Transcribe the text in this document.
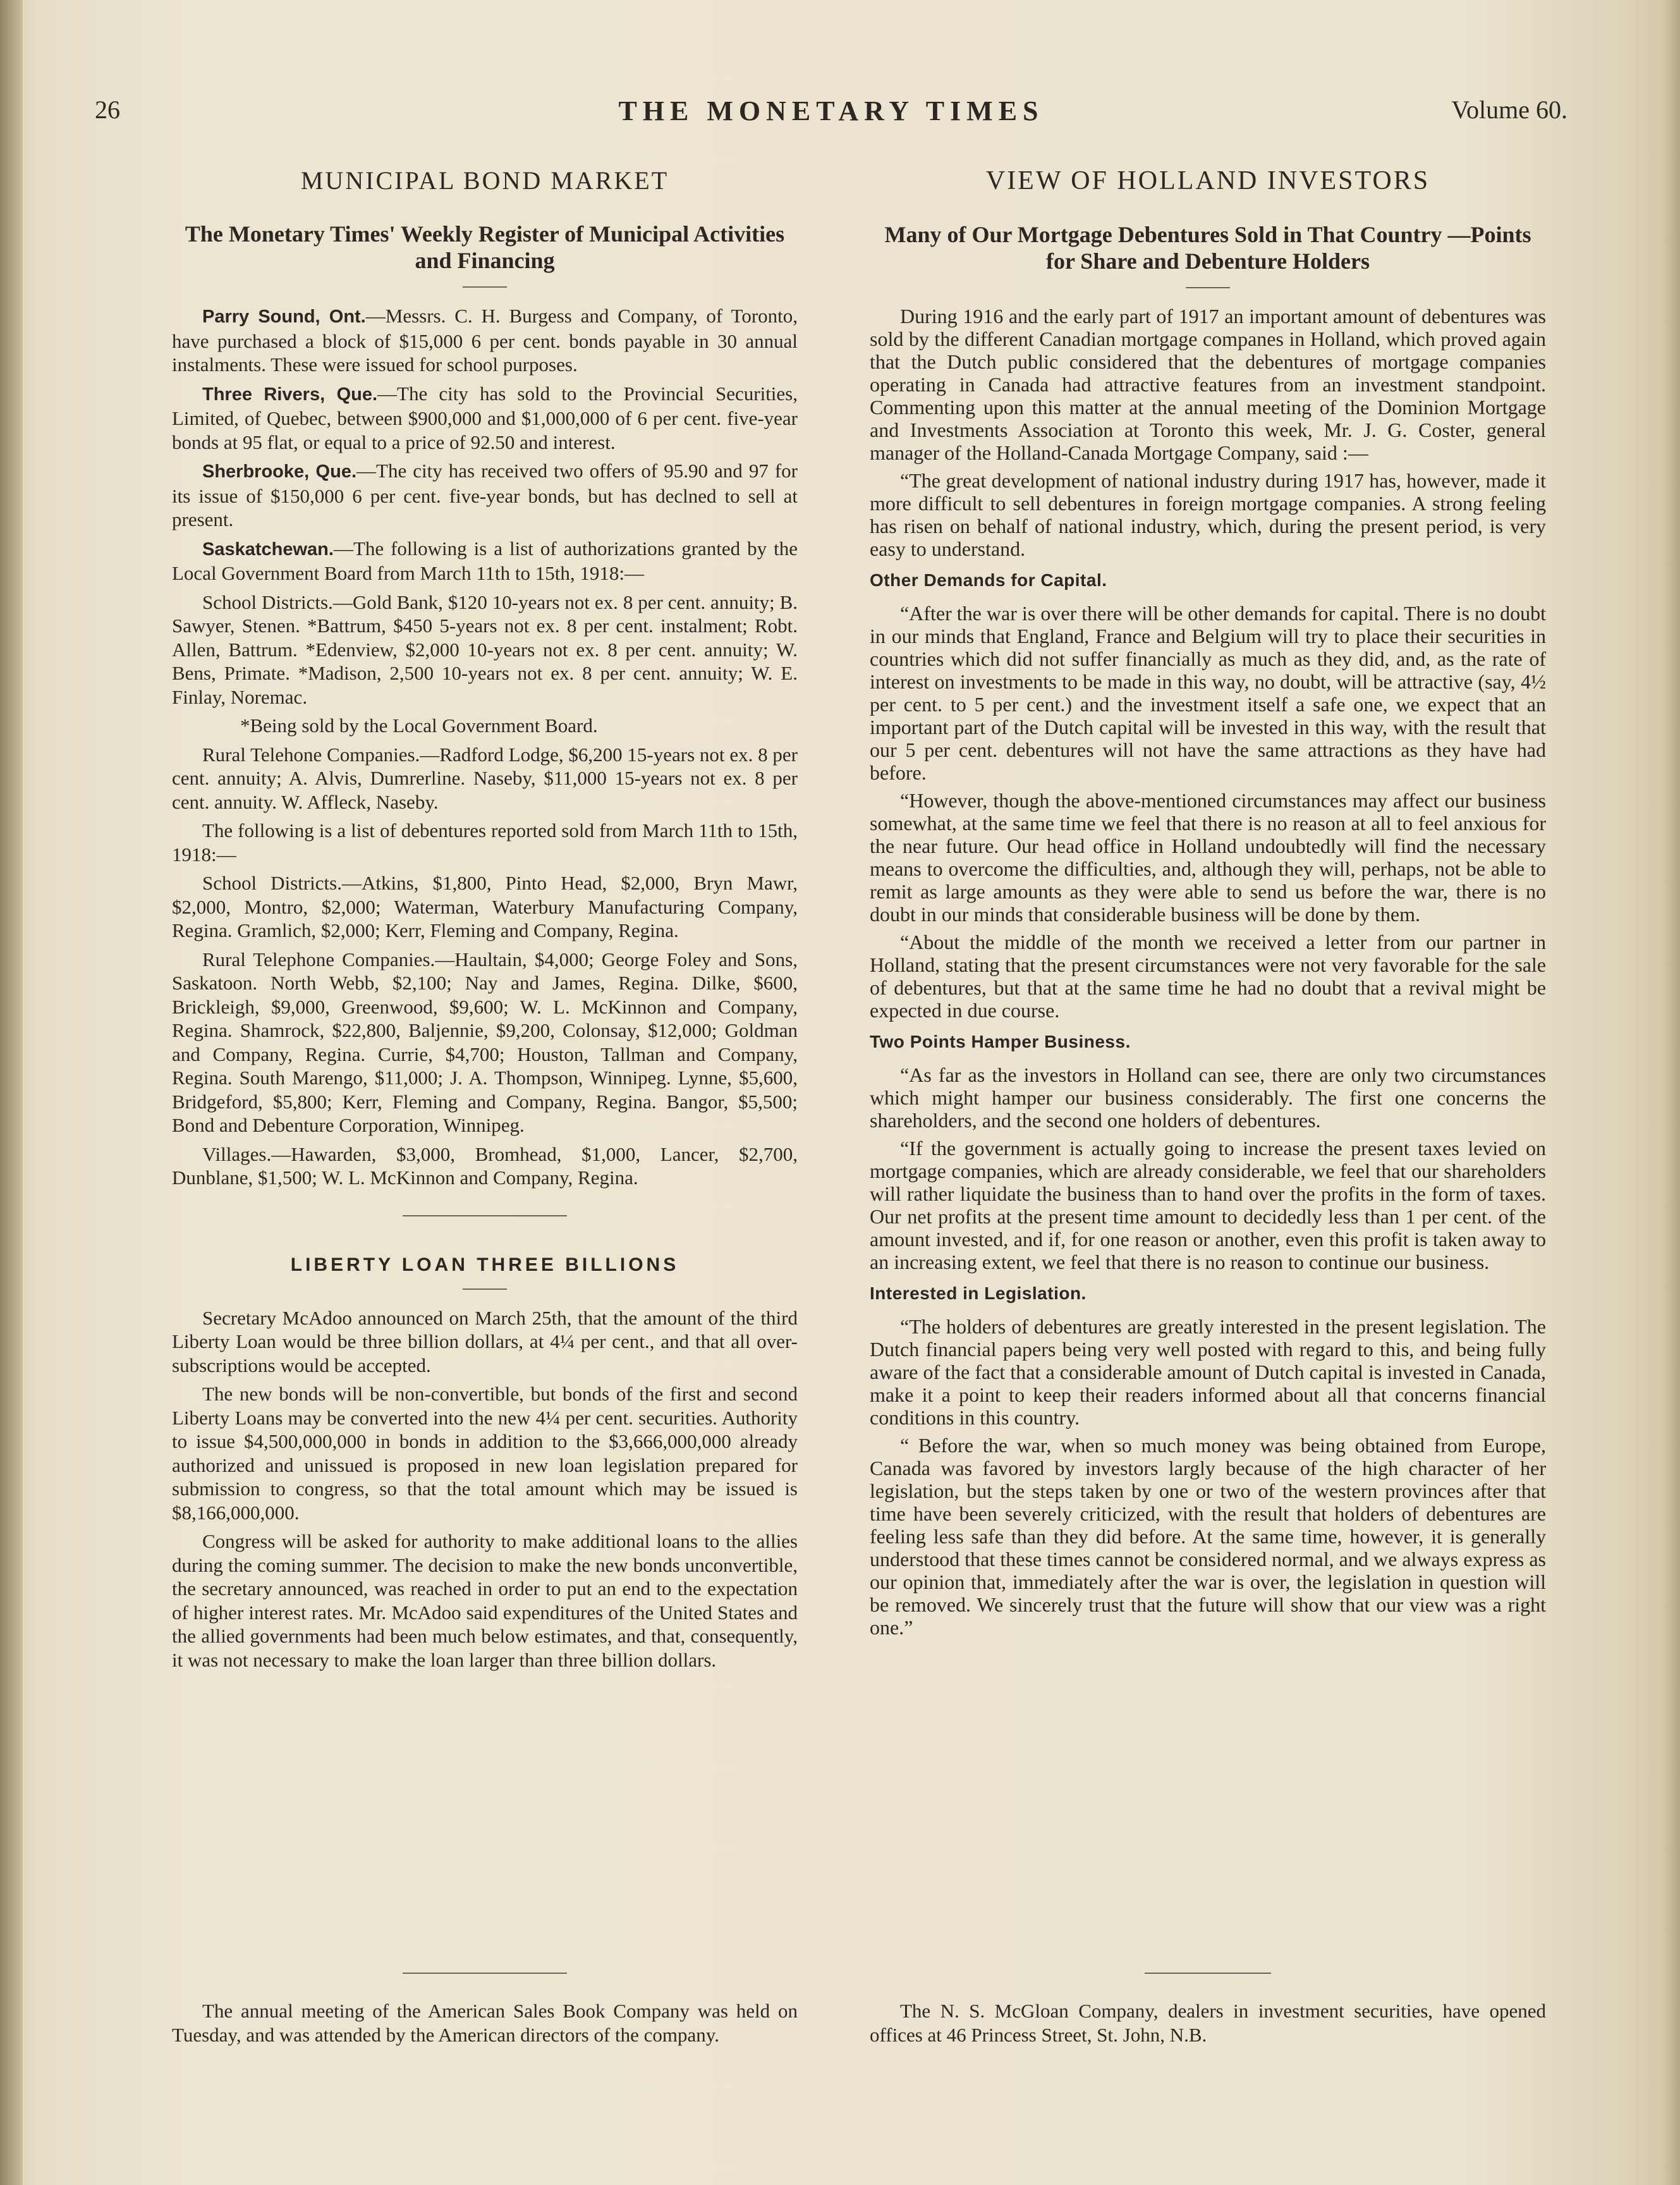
26	THE MONETARY TIMES	Volume 60.
MUNICIPAL BOND MARKET
The Monetary Times' Weekly Register of Municipal Activities and Financing

Parry Sound, Ont.—Messrs. C. H. Burgess and Company, of Toronto, have purchased a block of $15,000 6 per cent. bonds payable in 30 annual instalments. These were issued for school purposes.

Three Rivers, Que.—The city has sold to the Provincial Securities, Limited, of Quebec, between $900,000 and $1,000,000 of 6 per cent. five-year bonds at 95 flat, or equal to a price of 92.50 and interest.

Sherbrooke, Que.—The city has received two offers of 95.90 and 97 for its issue of $150,000 6 per cent. five-year bonds, but has declned to sell at present.

Saskatchewan.—The following is a list of authorizations granted by the Local Government Board from March 11th to 15th, 1918:—

School Districts.—Gold Bank, $120 10-years not ex. 8 per cent. annuity; B. Sawyer, Stenen. *Battrum, $450 5-years not ex. 8 per cent. instalment; Robt. Allen, Battrum. *Edenview, $2,000 10-years not ex. 8 per cent. annuity; W. Bens, Primate. *Madison, 2,500 10-years not ex. 8 per cent. annuity; W. E. Finlay, Noremac.

*Being sold by the Local Government Board.

Rural Telehone Companies.—Radford Lodge, $6,200 15-years not ex. 8 per cent. annuity; A. Alvis, Dumrerline. Naseby, $11,000 15-years not ex. 8 per cent. annuity. W. Affleck, Naseby.

The following is a list of debentures reported sold from March 11th to 15th, 1918:—

School Districts.—Atkins, $1,800, Pinto Head, $2,000, Bryn Mawr, $2,000, Montro, $2,000; Waterman, Waterbury Manufacturing Company, Regina. Gramlich, $2,000; Kerr, Fleming and Company, Regina.

Rural Telephone Companies.—Haultain, $4,000; George Foley and Sons, Saskatoon. North Webb, $2,100; Nay and James, Regina. Dilke, $600, Brickleigh, $9,000, Greenwood, $9,600; W. L. McKinnon and Company, Regina. Shamrock, $22,800, Baljennie, $9,200, Colonsay, $12,000; Goldman and Company, Regina. Currie, $4,700; Houston, Tallman and Company, Regina. South Marengo, $11,000; J. A. Thompson, Winnipeg. Lynne, $5,600, Bridgeford, $5,800; Kerr, Fleming and Company, Regina. Bangor, $5,500; Bond and Debenture Corporation, Winnipeg.

Villages.—Hawarden, $3,000, Bromhead, $1,000, Lancer, $2,700, Dunblane, $1,500; W. L. McKinnon and Company, Regina.

LIBERTY LOAN THREE BILLIONS

Secretary McAdoo announced on March 25th, that the amount of the third Liberty Loan would be three billion dollars, at 4¼ per cent., and that all over-subscriptions would be accepted.

The new bonds will be non-convertible, but bonds of the first and second Liberty Loans may be converted into the new 4¼ per cent. securities. Authority to issue $4,500,000,000 in bonds in addition to the $3,666,000,000 already authorized and unissued is proposed in new loan legislation prepared for submission to congress, so that the total amount which may be issued is $8,166,000,000.

Congress will be asked for authority to make additional loans to the allies during the coming summer. The decision to make the new bonds unconvertible, the secretary announced, was reached in order to put an end to the expectation of higher interest rates. Mr. McAdoo said expenditures of the United States and the allied governments had been much below estimates, and that, consequently, it was not necessary to make the loan larger than three billion dollars.

The annual meeting of the American Sales Book Company was held on Tuesday, and was attended by the American directors of the company.

VIEW OF HOLLAND INVESTORS
Many of Our Mortgage Debentures Sold in That Country —Points for Share and Debenture Holders

During 1916 and the early part of 1917 an important amount of debentures was sold by the different Canadian mortgage companes in Holland, which proved again that the Dutch public considered that the debentures of mortgage companies operating in Canada had attractive features from an investment standpoint. Commenting upon this matter at the annual meeting of the Dominion Mortgage and Investments Association at Toronto this week, Mr. J. G. Coster, general manager of the Holland-Canada Mortgage Company, said :—

“The great development of national industry during 1917 has, however, made it more difficult to sell debentures in foreign mortgage companies. A strong feeling has risen on behalf of national industry, which, during the present period, is very easy to understand.

Other Demands for Capital.

“After the war is over there will be other demands for capital. There is no doubt in our minds that England, France and Belgium will try to place their securities in countries which did not suffer financially as much as they did, and, as the rate of interest on investments to be made in this way, no doubt, will be attractive (say, 4½ per cent. to 5 per cent.) and the investment itself a safe one, we expect that an important part of the Dutch capital will be invested in this way, with the result that our 5 per cent. debentures will not have the same attractions as they have had before.

“However, though the above-mentioned circumstances may affect our business somewhat, at the same time we feel that there is no reason at all to feel anxious for the near future. Our head office in Holland undoubtedly will find the necessary means to overcome the difficulties, and, although they will, perhaps, not be able to remit as large amounts as they were able to send us before the war, there is no doubt in our minds that considerable business will be done by them.

“About the middle of the month we received a letter from our partner in Holland, stating that the present circumstances were not very favorable for the sale of debentures, but that at the same time he had no doubt that a revival might be expected in due course.

Two Points Hamper Business.

“As far as the investors in Holland can see, there are only two circumstances which might hamper our business considerably. The first one concerns the shareholders, and the second one holders of debentures.

“If the government is actually going to increase the present taxes levied on mortgage companies, which are already considerable, we feel that our shareholders will rather liquidate the business than to hand over the profits in the form of taxes. Our net profits at the present time amount to decidedly less than 1 per cent. of the amount invested, and if, for one reason or another, even this profit is taken away to an increasing extent, we feel that there is no reason to continue our business.

Interested in Legislation.

“The holders of debentures are greatly interested in the present legislation. The Dutch financial papers being very well posted with regard to this, and being fully aware of the fact that a considerable amount of Dutch capital is invested in Canada, make it a point to keep their readers informed about all that concerns financial conditions in this country.

“ Before the war, when so much money was being obtained from Europe, Canada was favored by investors largly because of the high character of her legislation, but the steps taken by one or two of the western provinces after that time have been severely criticized, with the result that holders of debentures are feeling less safe than they did before. At the same time, however, it is generally understood that these times cannot be considered normal, and we always express as our opinion that, immediately after the war is over, the legislation in question will be removed. We sincerely trust that the future will show that our view was a right one.”

The N. S. McGloan Company, dealers in investment securities, have opened offices at 46 Princess Street, St. John, N.B.
